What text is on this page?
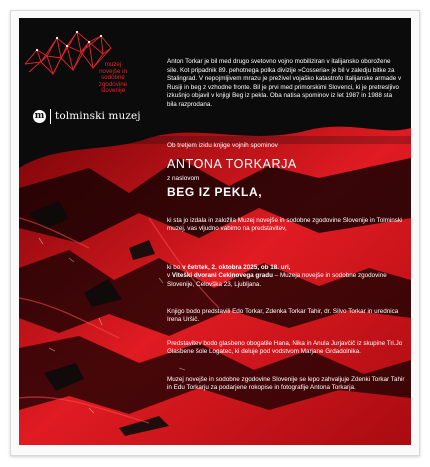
muzej
novejše in
sodobne
zgodovine
slovenije
m tolminski muzej
Anton Torkar je bil med drugo svetovno vojno mobiliziran v italijansko oborožene sile. Kot pripadnik 89. pehotnega polka divizije »Cosseria« je bil v zaledju bitke za Stalingrad. V nepojmljivem mrazu je preživel vojaško katastrofo Italijanske armade v Rusiji in beg z vzhodne fronte. Bil je prvi med primorskimi Slovenci, ki je pretresljivo izkušnjo objavil v knjigi Beg iz pekla. Oba natisa spominov iz let 1987 in 1988 sta bila razprodana.
Ob tretjem izidu knjige vojnih spominov
ANTONA TORKARJA
z naslovom
BEG IZ PEKLA,
ki sta jo izdala in založila Muzej novejše in sodobne zgodovine Slovenije in Tolminski muzej, vas vljudno vabimo na predstavitev,
ki bo v četrtek, 2. oktobra 2025, ob 18. uri,
v Viteški dvorani Cekinovega gradu – Muzeja novejše in sodobne zgodovine Slovenije, Celovška 23, Ljubljana.
Knjigo bodo predstavili Edo Torkar, Zdenka Torkar Tahir, dr. Silvo Torkar in urednica Irena Uršič.
Predstavitev bodo glasbeno obogatile Hana, Nika in Anula Jurjavčič iz skupine Tri.Jo Glasbene šole Logatec, ki deluje pod vodstvom Marjane Grdadolnika.
Muzej novejše in sodobne zgodovine Slovenije se lepo zahvaljuje Zdenki Torkar Tahir in Edu Torkarju za podarjene rokopise in fotografije Antona Torkarja.
